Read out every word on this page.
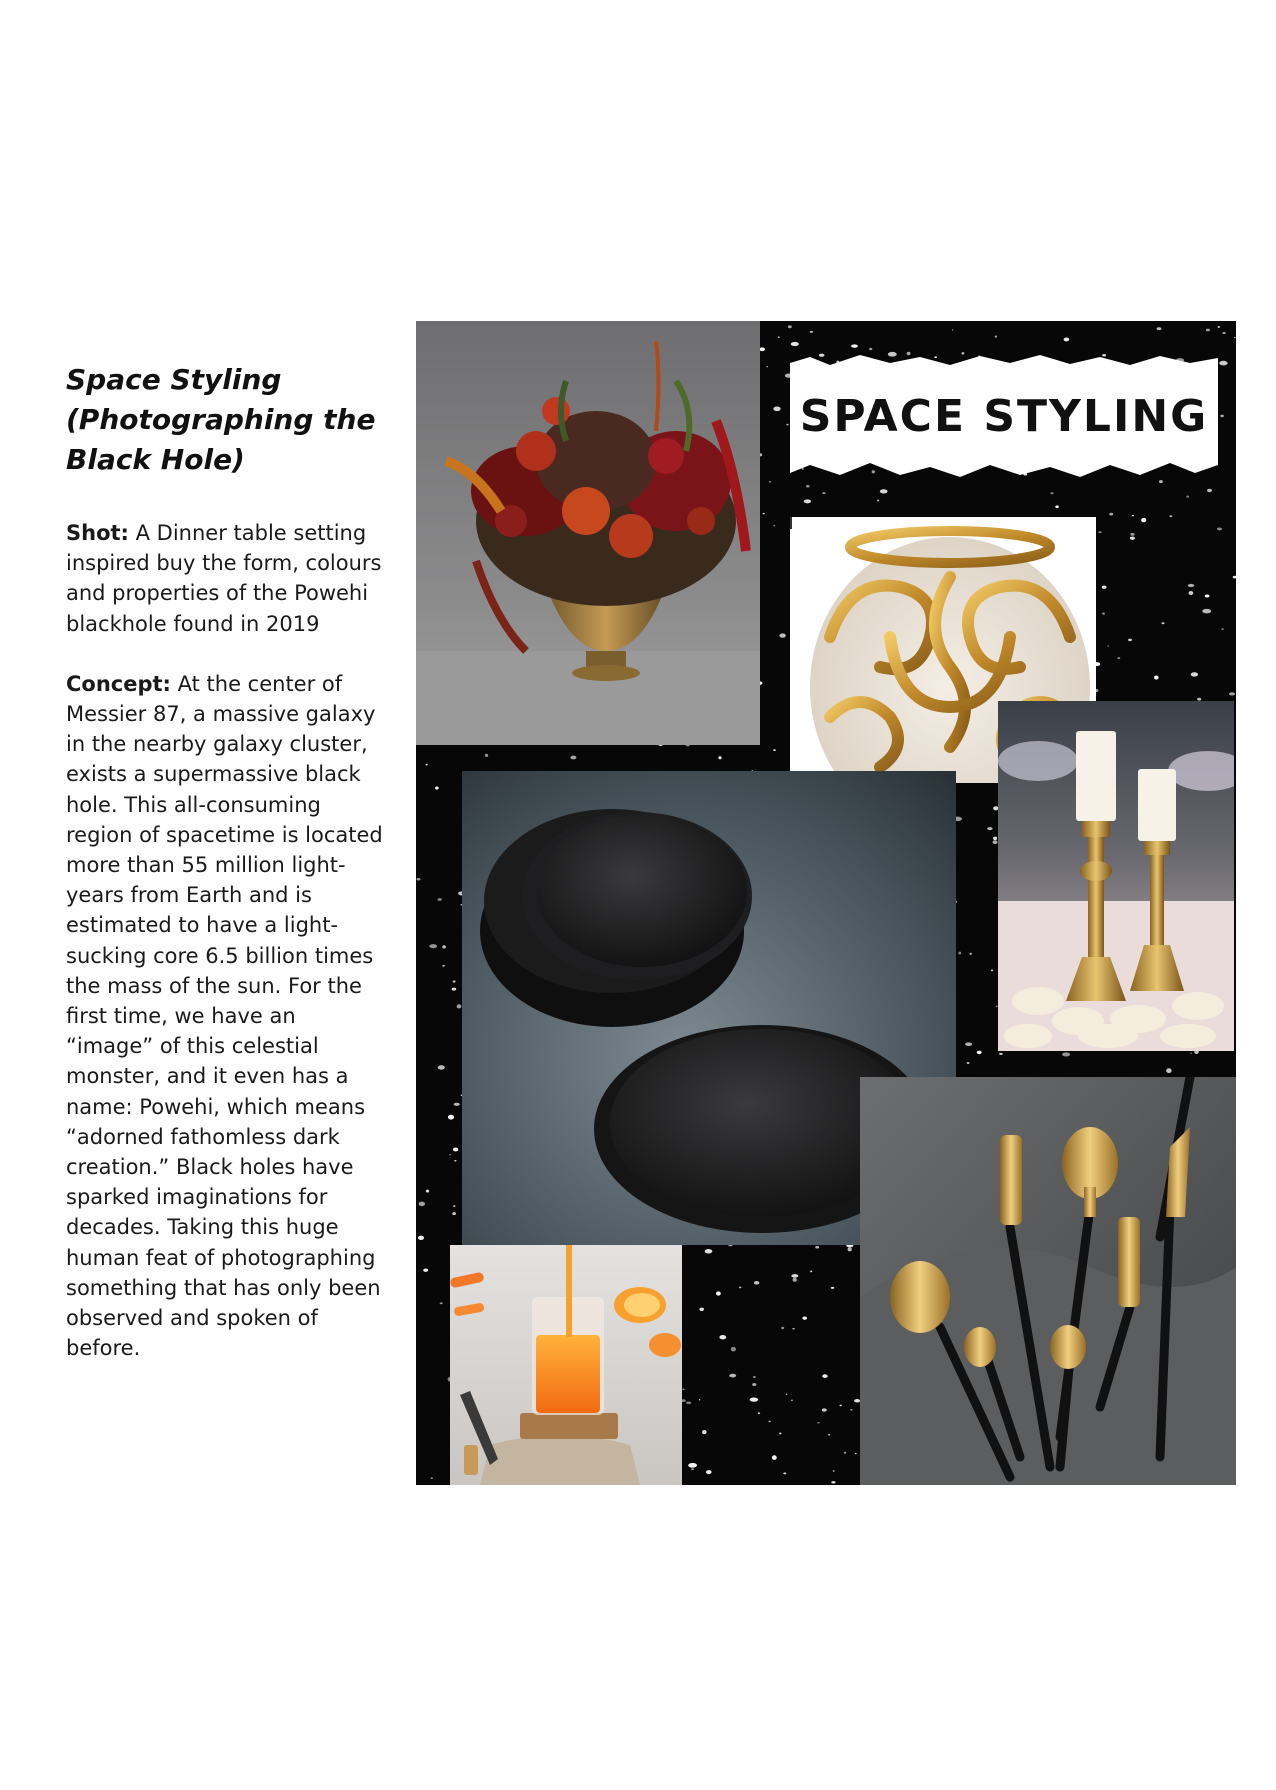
Space Styling (Photographing the Black Hole)

Shot: A Dinner table setting inspired buy the form, colours and properties of the Powehi blackhole found in 2019

Concept: At the center of Messier 87, a massive galaxy in the nearby galaxy cluster, exists a supermassive black hole. This all-consuming region of spacetime is located more than 55 million light-years from Earth and is estimated to have a light-sucking core 6.5 billion times the mass of the sun. For the first time, we have an “image” of this celestial monster, and it even has a name: Powehi, which means “adorned fathomless dark creation.” Black holes have sparked imaginations for decades. Taking this huge human feat of photographing something that has only been observed and spoken of before.

SPACE STYLING
